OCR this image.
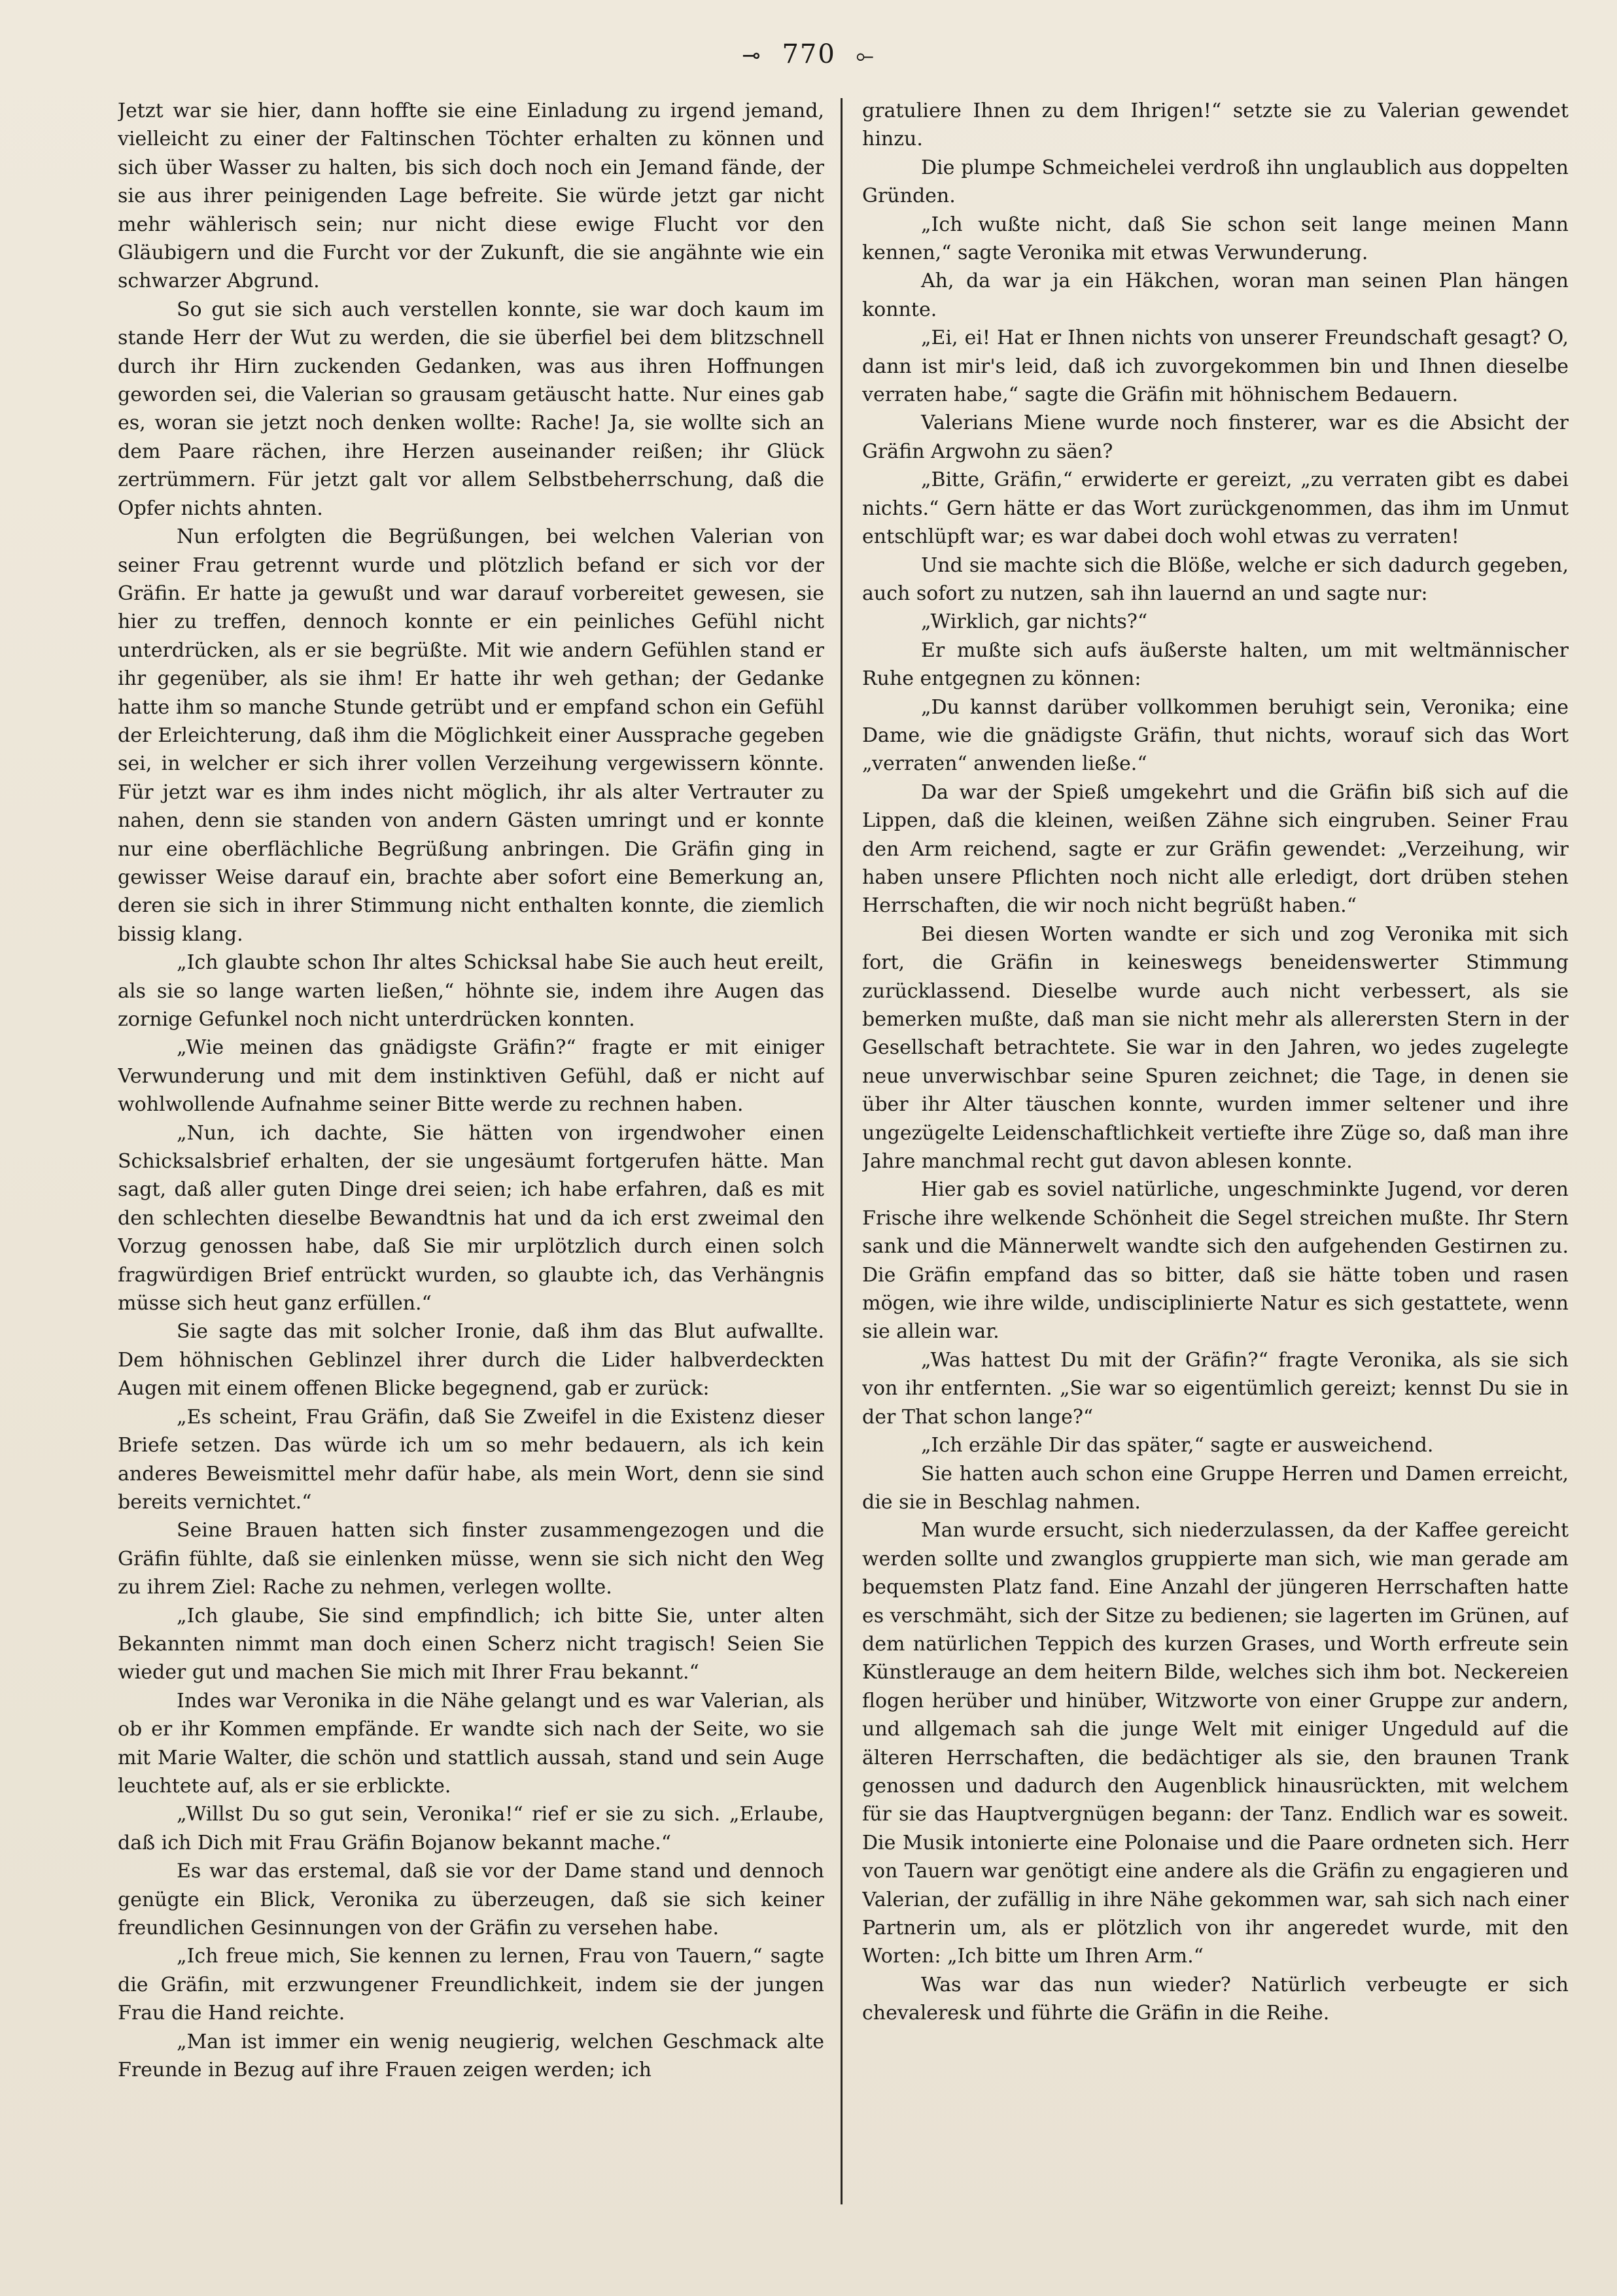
⊸ 770 ⟜

Jetzt war sie hier, dann hoffte sie eine Einladung zu irgend jemand, vielleicht zu einer der Faltinschen Töchter erhalten zu können und sich über Wasser zu halten, bis sich doch noch ein Jemand fände, der sie aus ihrer peinigenden Lage befreite. Sie würde jetzt gar nicht mehr wählerisch sein; nur nicht diese ewige Flucht vor den Gläubigern und die Furcht vor der Zukunft, die sie angähnte wie ein schwarzer Abgrund.

So gut sie sich auch verstellen konnte, sie war doch kaum im stande Herr der Wut zu werden, die sie überfiel bei dem blitzschnell durch ihr Hirn zuckenden Gedanken, was aus ihren Hoffnungen geworden sei, die Valerian so grausam getäuscht hatte. Nur eines gab es, woran sie jetzt noch denken wollte: Rache! Ja, sie wollte sich an dem Paare rächen, ihre Herzen auseinander reißen; ihr Glück zertrümmern. Für jetzt galt vor allem Selbstbeherrschung, daß die Opfer nichts ahnten.

Nun erfolgten die Begrüßungen, bei welchen Valerian von seiner Frau getrennt wurde und plötzlich befand er sich vor der Gräfin. Er hatte ja gewußt und war darauf vorbereitet gewesen, sie hier zu treffen, dennoch konnte er ein peinliches Gefühl nicht unterdrücken, als er sie begrüßte. Mit wie andern Gefühlen stand er ihr gegenüber, als sie ihm! Er hatte ihr weh gethan; der Gedanke hatte ihm so manche Stunde getrübt und er empfand schon ein Gefühl der Erleichterung, daß ihm die Möglichkeit einer Aussprache gegeben sei, in welcher er sich ihrer vollen Verzeihung vergewissern könnte. Für jetzt war es ihm indes nicht möglich, ihr als alter Vertrauter zu nahen, denn sie standen von andern Gästen umringt und er konnte nur eine oberflächliche Begrüßung anbringen. Die Gräfin ging in gewisser Weise darauf ein, brachte aber sofort eine Bemerkung an, deren sie sich in ihrer Stimmung nicht enthalten konnte, die ziemlich bissig klang.

„Ich glaubte schon Ihr altes Schicksal habe Sie auch heut ereilt, als sie so lange warten ließen,“ höhnte sie, indem ihre Augen das zornige Gefunkel noch nicht unterdrücken konnten.

„Wie meinen das gnädigste Gräfin?“ fragte er mit einiger Verwunderung und mit dem instinktiven Gefühl, daß er nicht auf wohlwollende Aufnahme seiner Bitte werde zu rechnen haben.

„Nun, ich dachte, Sie hätten von irgendwoher einen Schicksalsbrief erhalten, der sie ungesäumt fortgerufen hätte. Man sagt, daß aller guten Dinge drei seien; ich habe erfahren, daß es mit den schlechten dieselbe Bewandtnis hat und da ich erst zweimal den Vorzug genossen habe, daß Sie mir urplötzlich durch einen solch fragwürdigen Brief entrückt wurden, so glaubte ich, das Verhängnis müsse sich heut ganz erfüllen.“

Sie sagte das mit solcher Ironie, daß ihm das Blut aufwallte. Dem höhnischen Geblinzel ihrer durch die Lider halbverdeckten Augen mit einem offenen Blicke begegnend, gab er zurück:

„Es scheint, Frau Gräfin, daß Sie Zweifel in die Existenz dieser Briefe setzen. Das würde ich um so mehr bedauern, als ich kein anderes Beweismittel mehr dafür habe, als mein Wort, denn sie sind bereits vernichtet.“

Seine Brauen hatten sich finster zusammengezogen und die Gräfin fühlte, daß sie einlenken müsse, wenn sie sich nicht den Weg zu ihrem Ziel: Rache zu nehmen, verlegen wollte.

„Ich glaube, Sie sind empfindlich; ich bitte Sie, unter alten Bekannten nimmt man doch einen Scherz nicht tragisch! Seien Sie wieder gut und machen Sie mich mit Ihrer Frau bekannt.“

Indes war Veronika in die Nähe gelangt und es war Valerian, als ob er ihr Kommen empfände. Er wandte sich nach der Seite, wo sie mit Marie Walter, die schön und stattlich aussah, stand und sein Auge leuchtete auf, als er sie erblickte.

„Willst Du so gut sein, Veronika!“ rief er sie zu sich. „Erlaube, daß ich Dich mit Frau Gräfin Bojanow bekannt mache.“

Es war das erstemal, daß sie vor der Dame stand und dennoch genügte ein Blick, Veronika zu überzeugen, daß sie sich keiner freundlichen Gesinnungen von der Gräfin zu versehen habe.

„Ich freue mich, Sie kennen zu lernen, Frau von Tauern,“ sagte die Gräfin, mit erzwungener Freundlichkeit, indem sie der jungen Frau die Hand reichte.

„Man ist immer ein wenig neugierig, welchen Geschmack alte Freunde in Bezug auf ihre Frauen zeigen werden; ich

gratuliere Ihnen zu dem Ihrigen!“ setzte sie zu Valerian gewendet hinzu.

Die plumpe Schmeichelei verdroß ihn unglaublich aus doppelten Gründen.

„Ich wußte nicht, daß Sie schon seit lange meinen Mann kennen,“ sagte Veronika mit etwas Verwunderung.

Ah, da war ja ein Häkchen, woran man seinen Plan hängen konnte.

„Ei, ei! Hat er Ihnen nichts von unserer Freundschaft gesagt? O, dann ist mir's leid, daß ich zuvorgekommen bin und Ihnen dieselbe verraten habe,“ sagte die Gräfin mit höhnischem Bedauern.

Valerians Miene wurde noch finsterer, war es die Absicht der Gräfin Argwohn zu säen?

„Bitte, Gräfin,“ erwiderte er gereizt, „zu verraten gibt es dabei nichts.“ Gern hätte er das Wort zurückgenommen, das ihm im Unmut entschlüpft war; es war dabei doch wohl etwas zu verraten!

Und sie machte sich die Blöße, welche er sich dadurch gegeben, auch sofort zu nutzen, sah ihn lauernd an und sagte nur:

„Wirklich, gar nichts?“

Er mußte sich aufs äußerste halten, um mit weltmännischer Ruhe entgegnen zu können:

„Du kannst darüber vollkommen beruhigt sein, Veronika; eine Dame, wie die gnädigste Gräfin, thut nichts, worauf sich das Wort „verraten“ anwenden ließe.“

Da war der Spieß umgekehrt und die Gräfin biß sich auf die Lippen, daß die kleinen, weißen Zähne sich eingruben. Seiner Frau den Arm reichend, sagte er zur Gräfin gewendet: „Verzeihung, wir haben unsere Pflichten noch nicht alle erledigt, dort drüben stehen Herrschaften, die wir noch nicht begrüßt haben.“

Bei diesen Worten wandte er sich und zog Veronika mit sich fort, die Gräfin in keineswegs beneidenswerter Stimmung zurücklassend. Dieselbe wurde auch nicht verbessert, als sie bemerken mußte, daß man sie nicht mehr als allerersten Stern in der Gesellschaft betrachtete. Sie war in den Jahren, wo jedes zugelegte neue unverwischbar seine Spuren zeichnet; die Tage, in denen sie über ihr Alter täuschen konnte, wurden immer seltener und ihre ungezügelte Leidenschaftlichkeit vertiefte ihre Züge so, daß man ihre Jahre manchmal recht gut davon ablesen konnte.

Hier gab es soviel natürliche, ungeschminkte Jugend, vor deren Frische ihre welkende Schönheit die Segel streichen mußte. Ihr Stern sank und die Männerwelt wandte sich den aufgehenden Gestirnen zu. Die Gräfin empfand das so bitter, daß sie hätte toben und rasen mögen, wie ihre wilde, undisciplinierte Natur es sich gestattete, wenn sie allein war.

„Was hattest Du mit der Gräfin?“ fragte Veronika, als sie sich von ihr entfernten. „Sie war so eigentümlich gereizt; kennst Du sie in der That schon lange?“

„Ich erzähle Dir das später,“ sagte er ausweichend.

Sie hatten auch schon eine Gruppe Herren und Damen erreicht, die sie in Beschlag nahmen.

Man wurde ersucht, sich niederzulassen, da der Kaffee gereicht werden sollte und zwanglos gruppierte man sich, wie man gerade am bequemsten Platz fand. Eine Anzahl der jüngeren Herrschaften hatte es verschmäht, sich der Sitze zu bedienen; sie lagerten im Grünen, auf dem natürlichen Teppich des kurzen Grases, und Worth erfreute sein Künstlerauge an dem heitern Bilde, welches sich ihm bot. Neckereien flogen herüber und hinüber, Witzworte von einer Gruppe zur andern, und allgemach sah die junge Welt mit einiger Ungeduld auf die älteren Herrschaften, die bedächtiger als sie, den braunen Trank genossen und dadurch den Augenblick hinausrückten, mit welchem für sie das Hauptvergnügen begann: der Tanz. Endlich war es soweit. Die Musik intonierte eine Polonaise und die Paare ordneten sich. Herr von Tauern war genötigt eine andere als die Gräfin zu engagieren und Valerian, der zufällig in ihre Nähe gekommen war, sah sich nach einer Partnerin um, als er plötzlich von ihr angeredet wurde, mit den Worten: „Ich bitte um Ihren Arm.“

Was war das nun wieder? Natürlich verbeugte er sich chevaleresk und führte die Gräfin in die Reihe.
